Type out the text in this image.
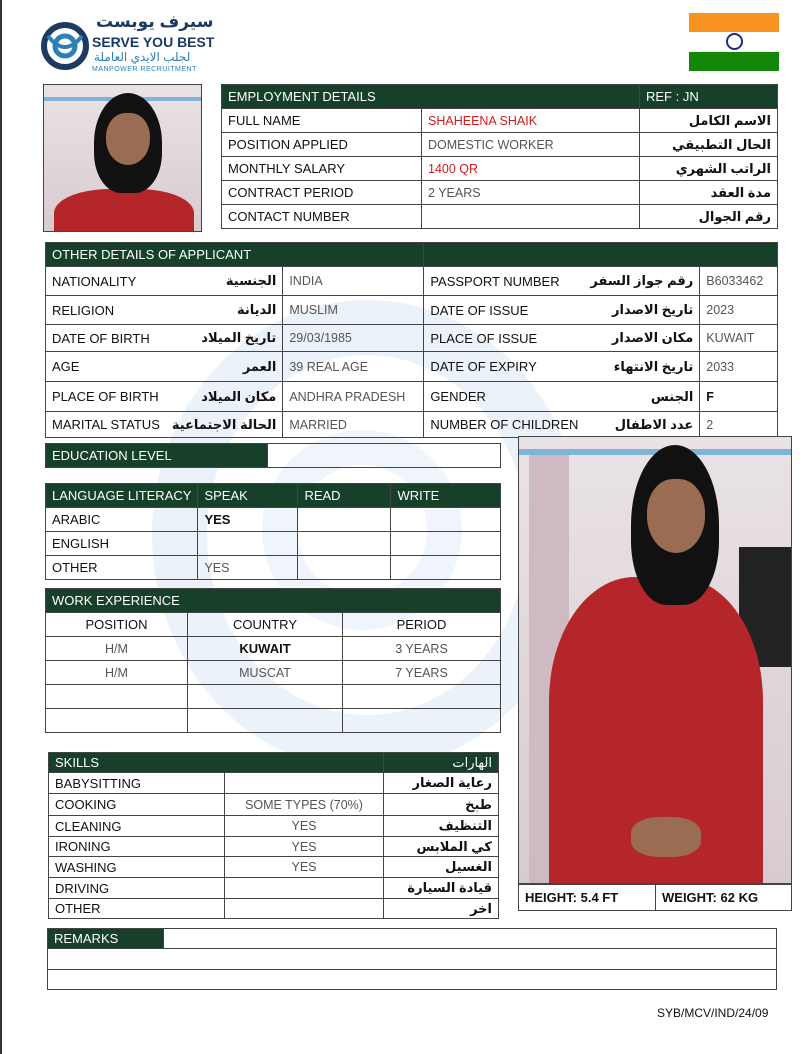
سيرف يوبست
SERVE YOU BEST
لجلب الايدي العاملة
MANPOWER RECRUITMENT
EMPLOYMENT DETAILS		REF : JN
FULL NAME	SHAHEENA SHAIK	الاسم الكامل
POSITION APPLIED	DOMESTIC WORKER	الحال التطبيقي
MONTHLY SALARY	1400 QR	الراتب الشهري
CONTRACT PERIOD	2 YEARS	مدة العقد
CONTACT NUMBER		رقم الجوال
OTHER DETAILS OF APPLICANT					
NATIONALITY	الجنسية	INDIA	PASSPORT NUMBER	رقم جواز السفر	B6033462
RELIGION	الديانة	MUSLIM	DATE OF ISSUE	تاريخ الاصدار	2023
DATE OF BIRTH	تاريخ الميلاد	29/03/1985	PLACE OF ISSUE	مكان الاصدار	KUWAIT
AGE	العمر	39 REAL AGE	DATE OF EXPIRY	تاريخ الانتهاء	2033
PLACE OF BIRTH	مكان الميلاد	ANDHRA PRADESH	GENDER	الجنس	F
MARITAL STATUS	الحالة الاجتماعية	MARRIED	NUMBER OF CHILDREN	عدد الاطفال	2
EDUCATION LEVEL	
LANGUAGE LITERACY	SPEAK	READ	WRITE
ARABIC	YES		
ENGLISH			
OTHER	YES		
WORK EXPERIENCE		
POSITION	COUNTRY	PERIOD
H/M	KUWAIT	3 YEARS
H/M	MUSCAT	7 YEARS

SKILLS		الهارات
BABYSITTING		رعاية الصغار
COOKING	SOME TYPES (70%)	طبخ
CLEANING	YES	التنظيف
IRONING	YES	كي الملابس
WASHING	YES	الغسيل
DRIVING		قيادة السيارة
OTHER		اخر
HEIGHT: 5.4 FT	WEIGHT: 62 KG
REMARKS	

SYB/MCV/IND/24/09
